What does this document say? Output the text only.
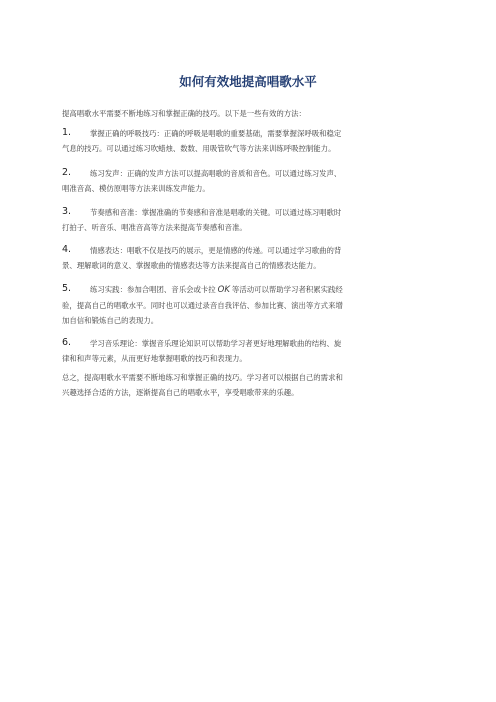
如何有效地提高唱歌水平
提高唱歌水平需要不断地练习和掌握正确的技巧。以下是一些有效的方法：
1.	掌握正确的呼吸技巧：正确的呼吸是唱歌的重要基础，需要掌握深呼吸和稳定
气息的技巧。可以通过练习吹蜡烛、数数、用吸管吹气等方法来训练呼吸控制能力。
2.	练习发声：正确的发声方法可以提高唱歌的音质和音色。可以通过练习发声、
唱准音高、模仿原唱等方法来训练发声能力。
3.	节奏感和音准：掌握准确的节奏感和音准是唱歌的关键。可以通过练习唱歌时
打拍子、听音乐、唱准音高等方法来提高节奏感和音准。
4.	情感表达：唱歌不仅是技巧的展示，更是情感的传递。可以通过学习歌曲的背
景、理解歌词的意义、掌握歌曲的情感表达等方法来提高自己的情感表达能力。
5.	练习实践：参加合唱团、音乐会或卡拉 OK 等活动可以帮助学习者积累实践经
验，提高自己的唱歌水平。同时也可以通过录音自我评估、参加比赛、演出等方式来增
加自信和锻炼自己的表现力。
6.	学习音乐理论：掌握音乐理论知识可以帮助学习者更好地理解歌曲的结构、旋
律和和声等元素，从而更好地掌握唱歌的技巧和表现力。
总之，提高唱歌水平需要不断地练习和掌握正确的技巧。学习者可以根据自己的需求和
兴趣选择合适的方法，逐渐提高自己的唱歌水平，享受唱歌带来的乐趣。
